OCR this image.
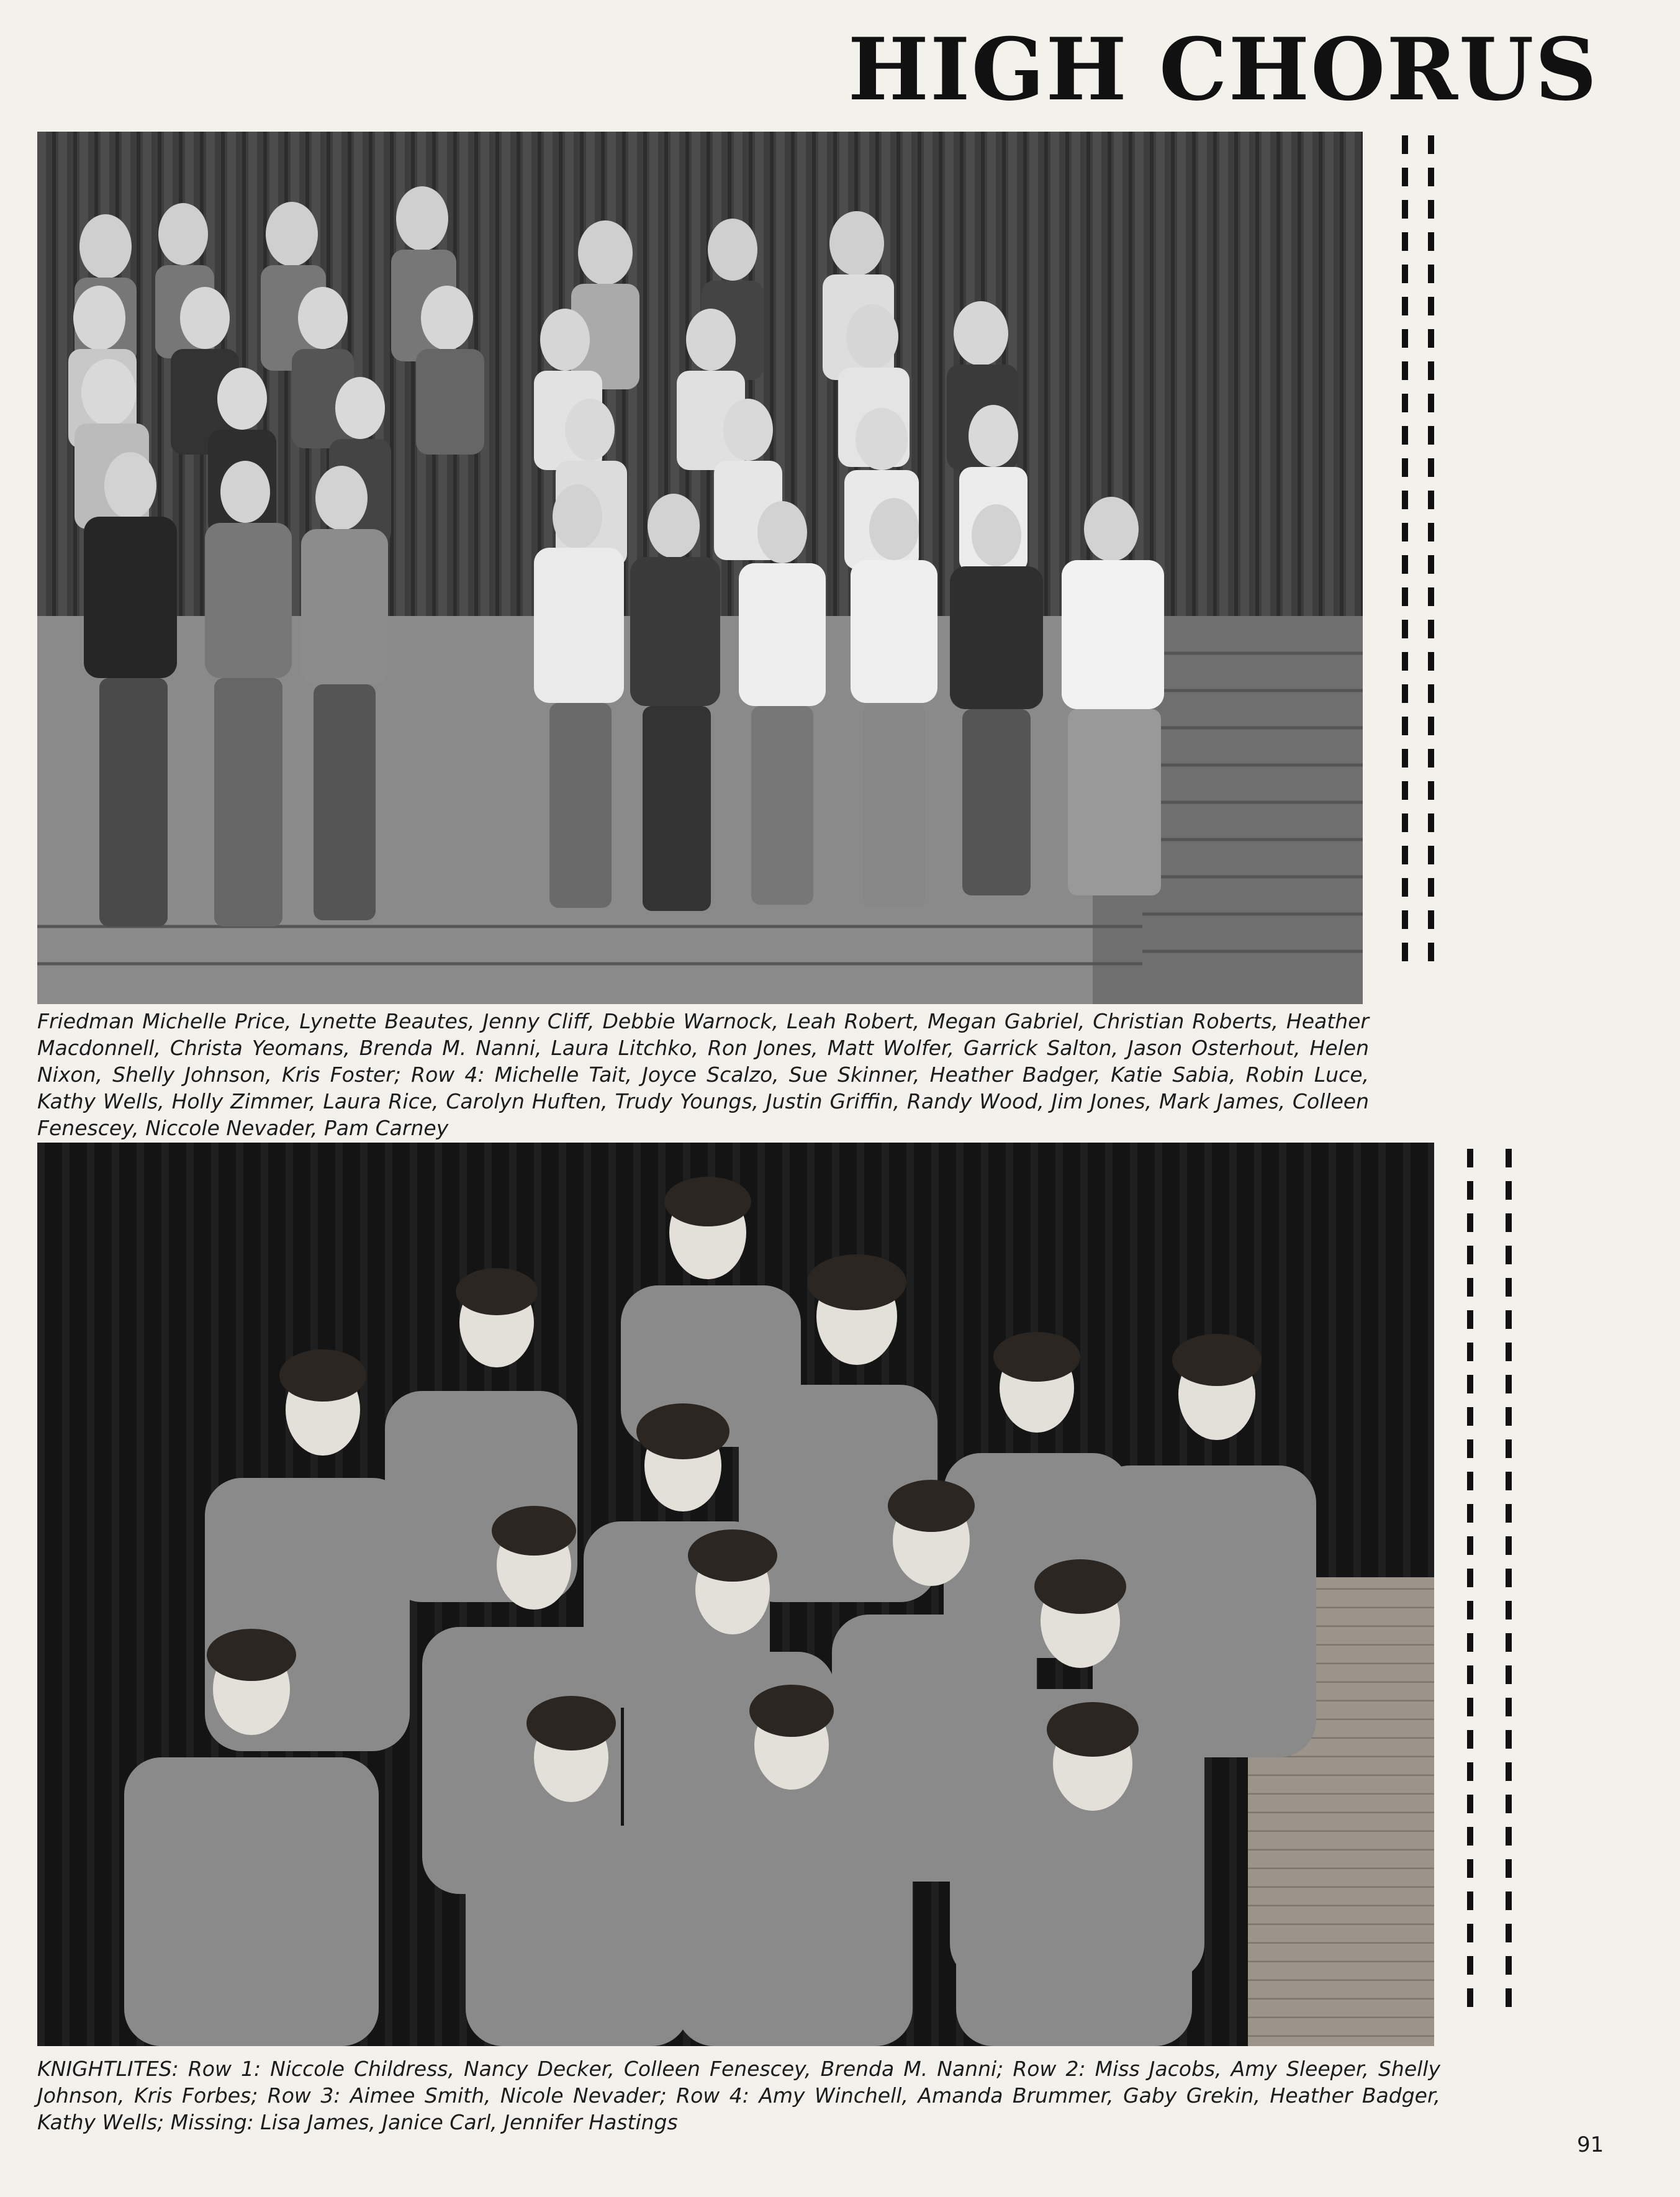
HIGH CHORUS
Friedman Michelle Price, Lynette Beautes, Jenny Cliff, Debbie Warnock, Leah Robert, Megan Gabriel, Christian Roberts, Heather Macdonnell, Christa Yeomans, Brenda M. Nanni, Laura Litchko, Ron Jones, Matt Wolfer, Garrick Salton, Jason Osterhout, Helen Nixon, Shelly Johnson, Kris Foster; Row 4: Michelle Tait, Joyce Scalzo, Sue Skinner, Heather Badger, Katie Sabia, Robin Luce, Kathy Wells, Holly Zimmer, Laura Rice, Carolyn Huften, Trudy Youngs, Justin Griffin, Randy Wood, Jim Jones, Mark James, Colleen Fenescey, Niccole Nevader, Pam Carney
KNIGHTLITES: Row 1: Niccole Childress, Nancy Decker, Colleen Fenescey, Brenda M. Nanni; Row 2: Miss Jacobs, Amy Sleeper, Shelly Johnson, Kris Forbes; Row 3: Aimee Smith, Nicole Nevader; Row 4: Amy Winchell, Amanda Brummer, Gaby Grekin, Heather Badger, Kathy Wells; Missing: Lisa James, Janice Carl, Jennifer Hastings
91
